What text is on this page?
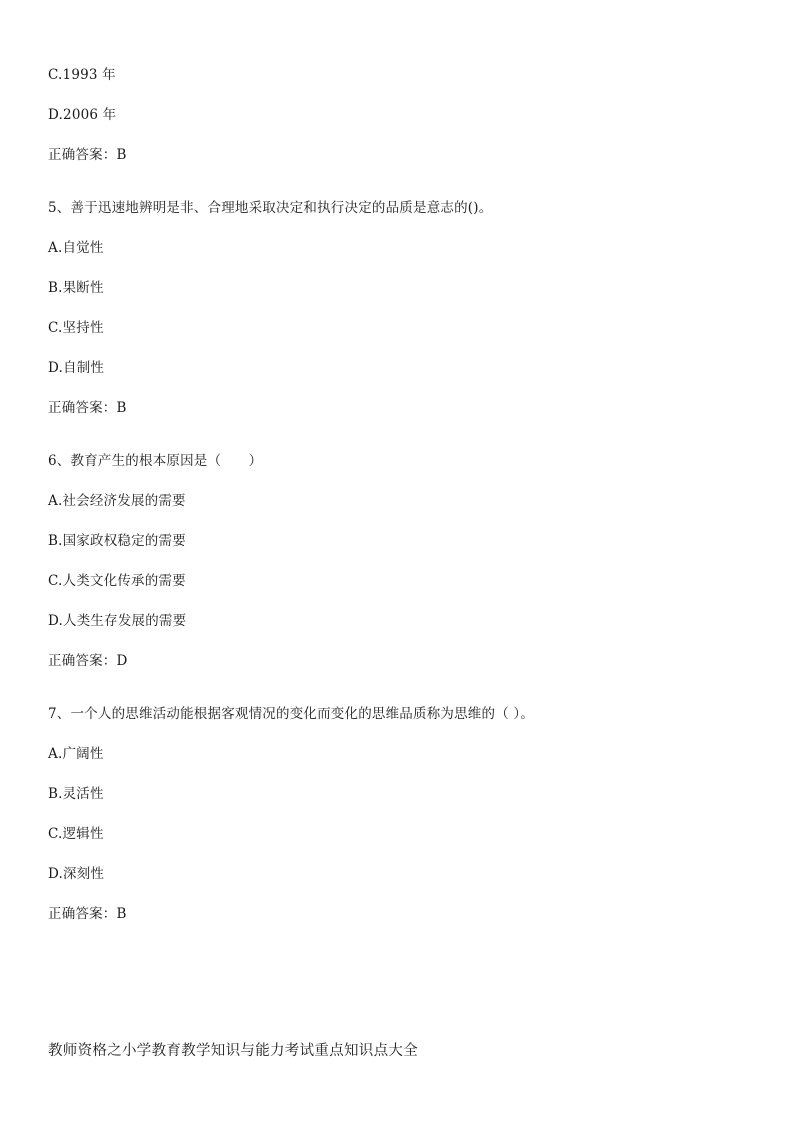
C.1993 年
D.2006 年
正确答案：B
5、善于迅速地辨明是非、合理地采取决定和执行决定的品质是意志的()。
A.自觉性
B.果断性
C.坚持性
D.自制性
正确答案：B
6、教育产生的根本原因是（　　）
A.社会经济发展的需要
B.国家政权稳定的需要
C.人类文化传承的需要
D.人类生存发展的需要
正确答案：D
7、一个人的思维活动能根据客观情况的变化而变化的思维品质称为思维的（ ）。
A.广阔性
B.灵活性
C.逻辑性
D.深刻性
正确答案：B
教师资格之小学教育教学知识与能力考试重点知识点大全
